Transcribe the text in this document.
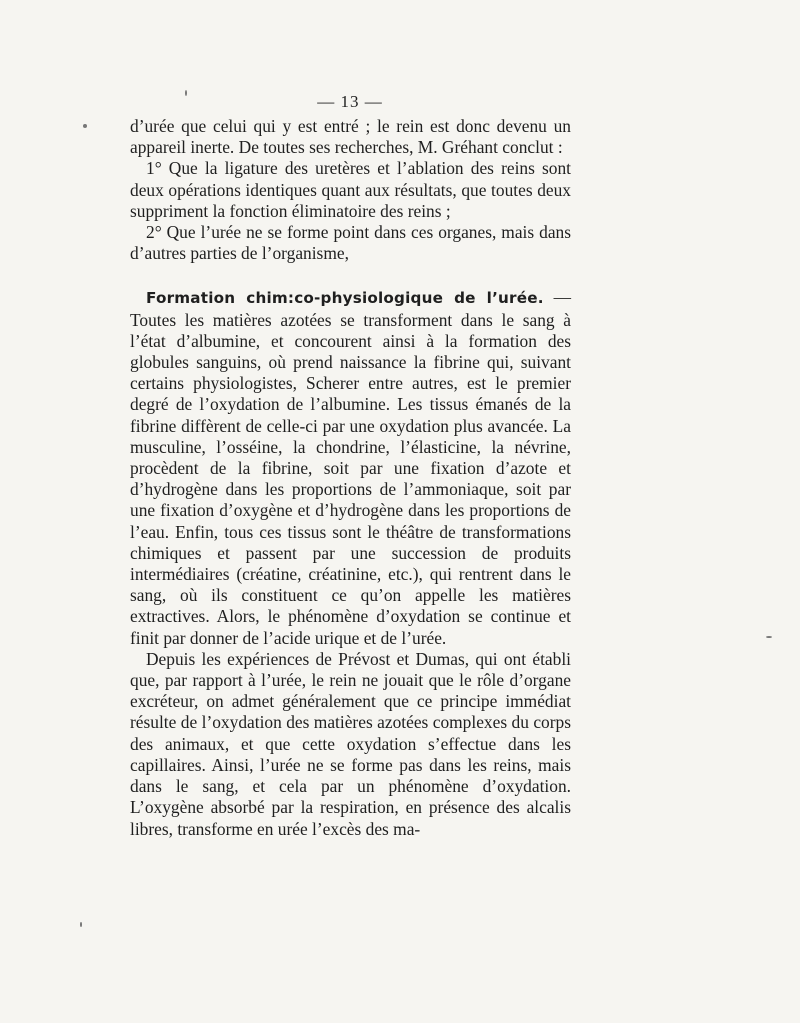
— 13 —

d’urée que celui qui y est entré ; le rein est donc devenu un appareil inerte. De toutes ses recherches, M. Gréhant conclut :

1° Que la ligature des uretères et l’ablation des reins sont deux opérations identiques quant aux résultats, que toutes deux suppriment la fonction éliminatoire des reins ;

2° Que l’urée ne se forme point dans ces organes, mais dans d’autres parties de l’organisme,

Formation chim:co-physiologique de l’urée. — Toutes les matières azotées se transforment dans le sang à l’état d’albumine, et concourent ainsi à la formation des globules sanguins, où prend naissance la fibrine qui, suivant certains physiologistes, Scherer entre autres, est le premier degré de l’oxydation de l’albumine. Les tissus émanés de la fibrine diffèrent de celle-ci par une oxydation plus avancée. La musculine, l’osséine, la chondrine, l’élasticine, la névrine, procèdent de la fibrine, soit par une fixation d’azote et d’hydrogène dans les proportions de l’ammoniaque, soit par une fixation d’oxygène et d’hydrogène dans les proportions de l’eau. Enfin, tous ces tissus sont le théâtre de transformations chimiques et passent par une succession de produits intermédiaires (créatine, créatinine, etc.), qui rentrent dans le sang, où ils constituent ce qu’on appelle les matières extractives. Alors, le phénomène d’oxydation se continue et finit par donner de l’acide urique et de l’urée.

Depuis les expériences de Prévost et Dumas, qui ont établi que, par rapport à l’urée, le rein ne jouait que le rôle d’organe excréteur, on admet généralement que ce principe immédiat résulte de l’oxydation des matières azotées complexes du corps des animaux, et que cette oxydation s’effectue dans les capillaires. Ainsi, l’urée ne se forme pas dans les reins, mais dans le sang, et cela par un phénomène d’oxydation. L’oxygène absorbé par la respiration, en présence des alcalis libres, transforme en urée l’excès des ma-
